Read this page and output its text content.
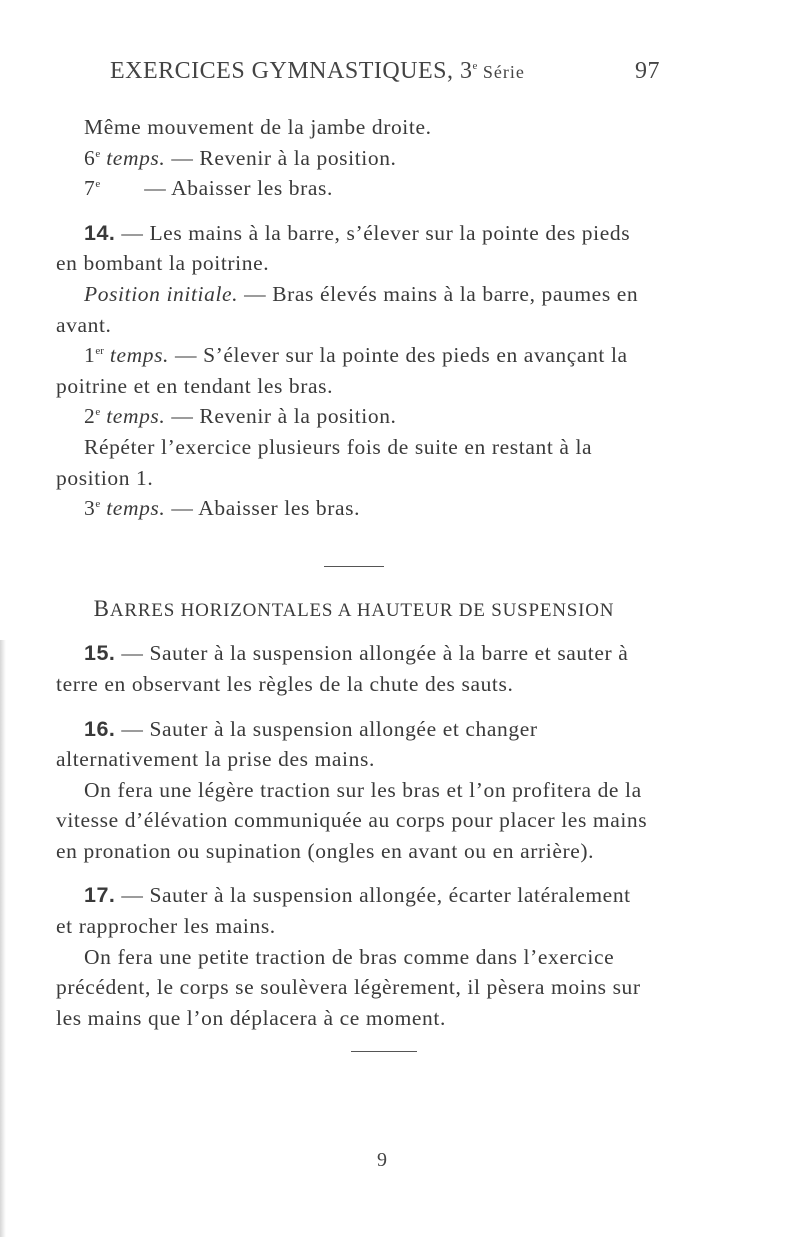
EXERCICES GYMNASTIQUES, 3e Série	97

Même mouvement de la jambe droite.

6e temps. — Revenir à la position.

7e — Abaisser les bras.

14. — Les mains à la barre, s’élever sur la pointe des pieds en bombant la poitrine.

Position initiale. — Bras élevés mains à la barre, paumes en avant.

1er temps. — S’élever sur la pointe des pieds en avançant la poitrine et en tendant les bras.

2e temps. — Revenir à la position.

Répéter l’exercice plusieurs fois de suite en restant à la position 1.

3e temps. — Abaisser les bras.

BARRES HORIZONTALES A HAUTEUR DE SUSPENSION

15. — Sauter à la suspension allongée à la barre et sauter à terre en observant les règles de la chute des sauts.

16. — Sauter à la suspension allongée et changer alternativement la prise des mains.

On fera une légère traction sur les bras et l’on profitera de la vitesse d’élévation communiquée au corps pour placer les mains en pronation ou supination (ongles en avant ou en arrière).

17. — Sauter à la suspension allongée, écarter latéralement et rapprocher les mains.

On fera une petite traction de bras comme dans l’exercice précédent, le corps se soulèvera légèrement, il pèsera moins sur les mains que l’on déplacera à ce moment.

9
